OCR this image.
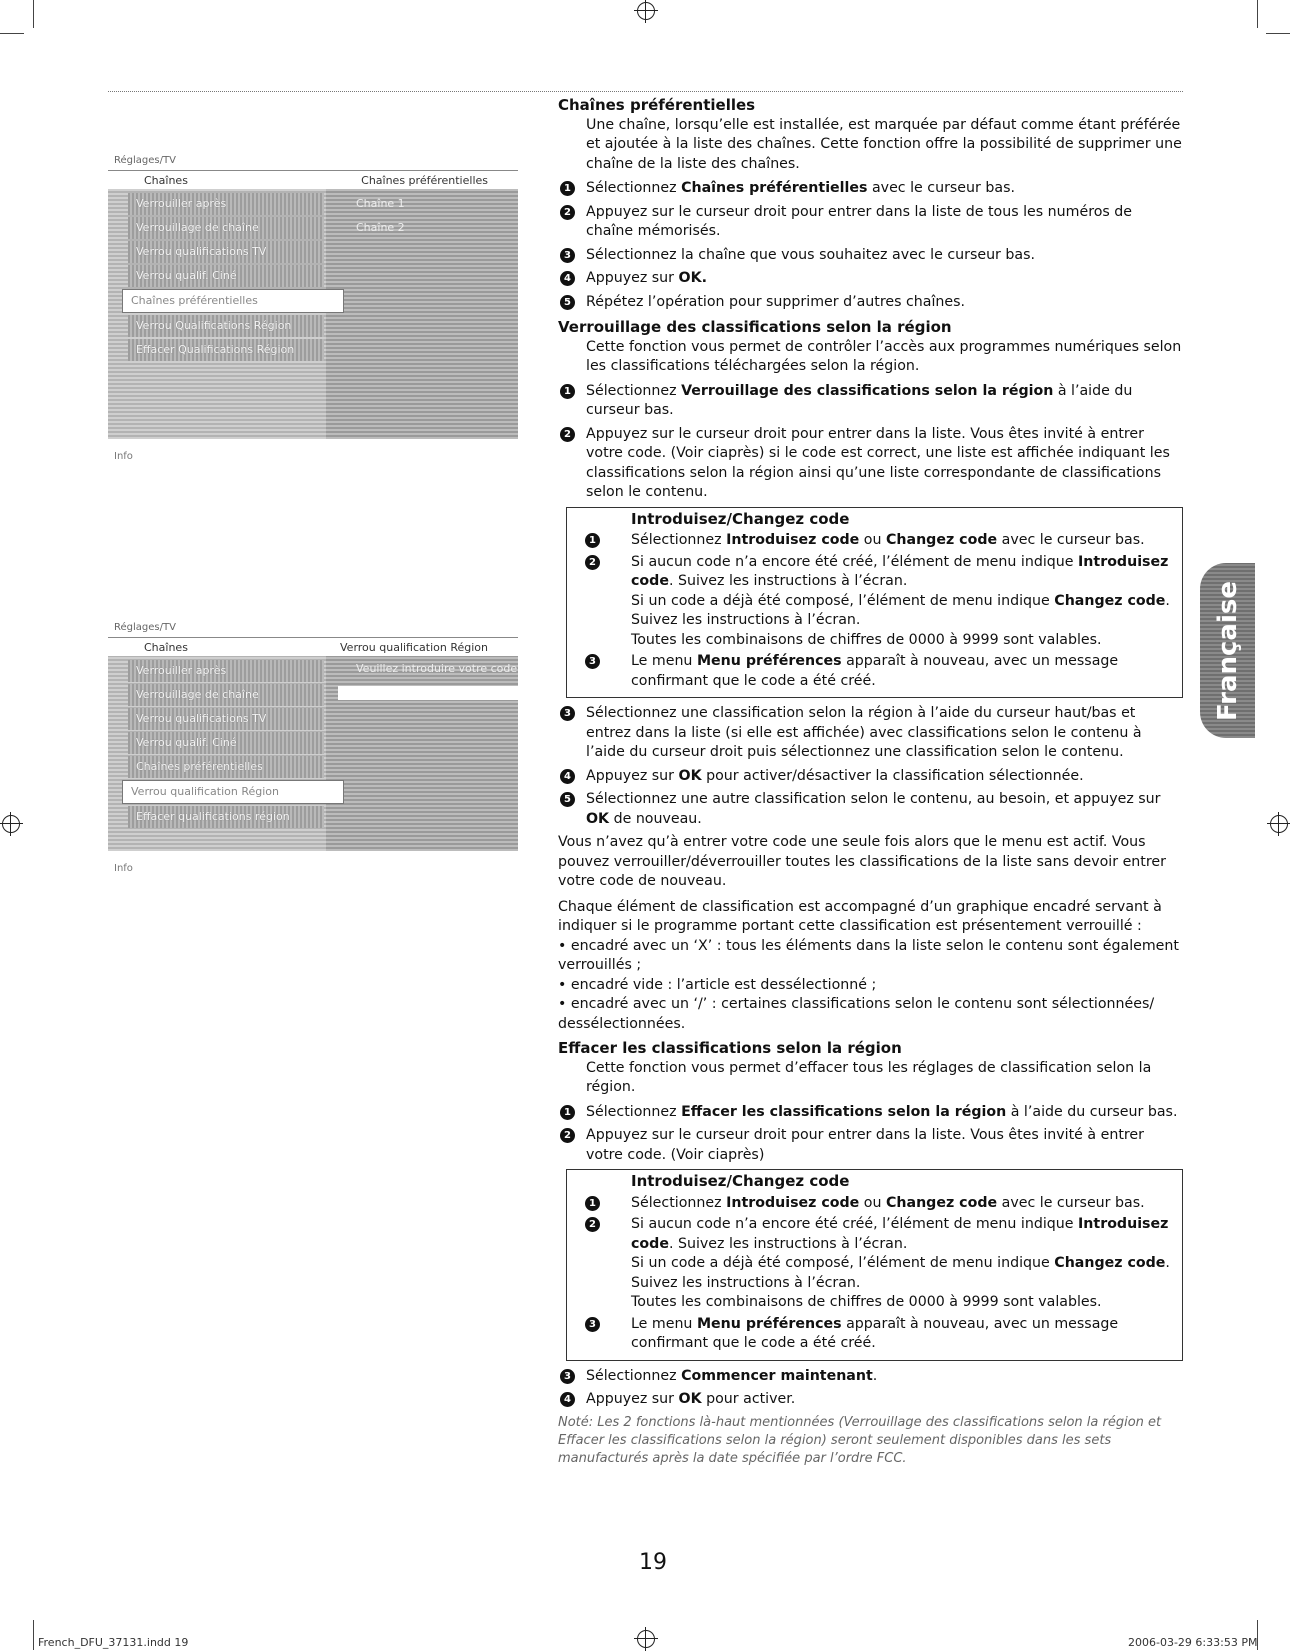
Réglages/TV
Chaînes	Chaînes préférentielles
Chaîne 1
Chaîne 2
Verrouiller après
Verrouillage de chaîne
Verrou qualifications TV
Verrou qualif. Ciné
Chaînes préférentielles
Verrou Qualifications Région
Effacer Qualifications Région
Info
Réglages/TV
Chaînes	Verrou qualification Région
Veuillez introduire votre code
Verrouiller après
Verrouillage de chaîne
Verrou qualifications TV
Verrou qualif. Ciné
Chaînes préférentielles
Verrou qualification Région
Effacer qualifications région
Info

Chaînes préférentielles

Une chaîne, lorsqu’elle est installée, est marquée par défaut comme étant préférée et ajoutée à la liste des chaînes. Cette fonction offre la possibilité de supprimer une chaîne de la liste des chaînes.

1 Sélectionnez Chaînes préférentielles avec le curseur bas.
2 Appuyez sur le curseur droit pour entrer dans la liste de tous les numéros de chaîne mémorisés.
3 Sélectionnez la chaîne que vous souhaitez avec le curseur bas.
4 Appuyez sur OK.
5 Répétez l’opération pour supprimer d’autres chaînes.

Verrouillage des classifications selon la région

Cette fonction vous permet de contrôler l’accès aux programmes numériques selon les classifications téléchargées selon la région.

1 Sélectionnez Verrouillage des classifications selon la région à l’aide du curseur bas.
2 Appuyez sur le curseur droit pour entrer dans la liste. Vous êtes invité à entrer votre code. (Voir ciaprès) si le code est correct, une liste est affichée indiquant les classifications selon la région ainsi qu’une liste correspondante de classifications selon le contenu.
Introduisez/Changez code
1 Sélectionnez Introduisez code ou Changez code avec le curseur bas.
2 Si aucun code n’a encore été créé, l’élément de menu indique Introduisez code. Suivez les instructions à l’écran.
Si un code a déjà été composé, l’élément de menu indique Changez code. Suivez les instructions à l’écran.
Toutes les combinaisons de chiffres de 0000 à 9999 sont valables.
3 Le menu Menu préférences apparaît à nouveau, avec un message confirmant que le code a été créé.
3 Sélectionnez une classification selon la région à l’aide du curseur haut/bas et entrez dans la liste (si elle est affichée) avec classifications selon le contenu à l’aide du curseur droit puis sélectionnez une classification selon le contenu.
4 Appuyez sur OK pour activer/désactiver la classification sélectionnée.
5 Sélectionnez une autre classification selon le contenu, au besoin, et appuyez sur OK de nouveau.

Vous n’avez qu’à entrer votre code une seule fois alors que le menu est actif. Vous pouvez verrouiller/déverrouiller toutes les classifications de la liste sans devoir entrer votre code de nouveau.

Chaque élément de classification est accompagné d’un graphique encadré servant à indiquer si le programme portant cette classification est présentement verrouillé :

• encadré avec un ‘X’ : tous les éléments dans la liste selon le contenu sont également verrouillés ;

• encadré vide : l’article est dessélectionné ;

• encadré avec un ‘/’ : certaines classifications selon le contenu sont sélectionnées/ dessélectionnées.

Effacer les classifications selon la région

Cette fonction vous permet d’effacer tous les réglages de classification selon la région.

1 Sélectionnez Effacer les classifications selon la région à l’aide du curseur bas.
2 Appuyez sur le curseur droit pour entrer dans la liste. Vous êtes invité à entrer votre code. (Voir ciaprès)
Introduisez/Changez code
1 Sélectionnez Introduisez code ou Changez code avec le curseur bas.
2 Si aucun code n’a encore été créé, l’élément de menu indique Introduisez code. Suivez les instructions à l’écran.
Si un code a déjà été composé, l’élément de menu indique Changez code. Suivez les instructions à l’écran.
Toutes les combinaisons de chiffres de 0000 à 9999 sont valables.
3 Le menu Menu préférences apparaît à nouveau, avec un message confirmant que le code a été créé.
3 Sélectionnez Commencer maintenant.
4 Appuyez sur OK pour activer.

Noté: Les 2 fonctions là-haut mentionnées (Verrouillage des classifications selon la région et Effacer les classifications selon la région) seront seulement disponibles dans les sets manufacturés après la date spécifiée par l’ordre FCC.

19
Française
French_DFU_37131.indd 19	2006-03-29 6:33:53 PM
